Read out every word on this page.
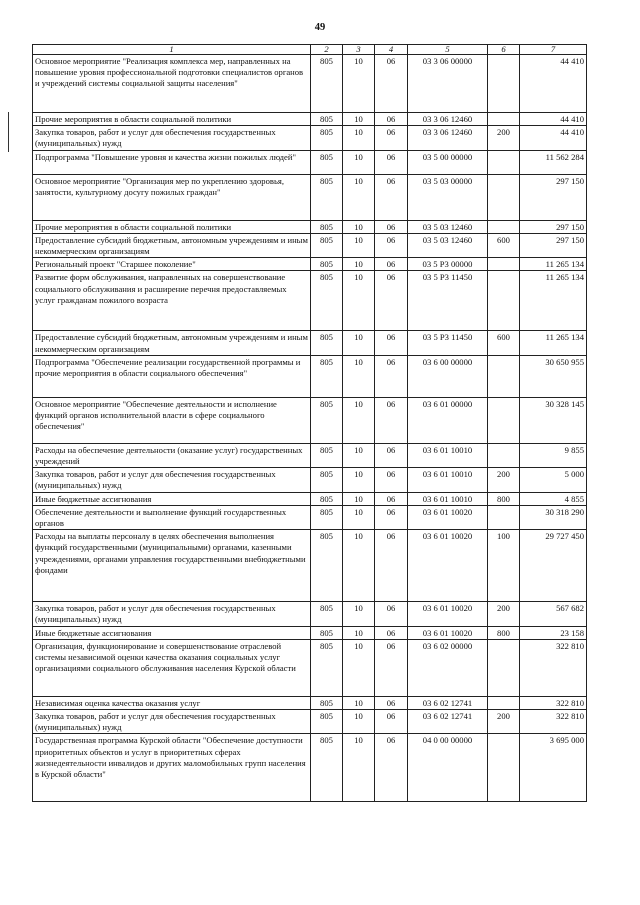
49
1	2	3	4	5	6	7
Основное мероприятие "Реализация комплекса мер, направленных на повышение уровня профессиональной подготовки специалистов органов и учреждений системы социальной защиты населения"	805	10	06	03 3 06 00000		44 410
Прочие мероприятия в области социальной политики	805	10	06	03 3 06 12460		44 410
Закупка товаров, работ и услуг для обеспечения государственных (муниципальных) нужд	805	10	06	03 3 06 12460	200	44 410
Подпрограмма "Повышение уровня и качества жизни пожилых людей"	805	10	06	03 5 00 00000		11 562 284
Основное мероприятие "Организация мер по укреплению здоровья, занятости, культурному досугу пожилых граждан"	805	10	06	03 5 03 00000		297 150
Прочие мероприятия в области социальной политики	805	10	06	03 5 03 12460		297 150
Предоставление субсидий бюджетным, автономным учреждениям и иным некоммерческим организациям	805	10	06	03 5 03 12460	600	297 150
Региональный проект "Старшее поколение"	805	10	06	03 5 P3 00000		11 265 134
Развитие форм обслуживания, направленных на совершенствование социального обслуживания и расширение перечня предоставляемых услуг гражданам пожилого возраста	805	10	06	03 5 P3 11450		11 265 134
Предоставление субсидий бюджетным, автономным учреждениям и иным некоммерческим организациям	805	10	06	03 5 P3 11450	600	11 265 134
Подпрограмма "Обеспечение реализации государственной программы и прочие мероприятия в области социального обеспечения"	805	10	06	03 6 00 00000		30 650 955
Основное мероприятие "Обеспечение деятельности и исполнение функций органов исполнительной власти в сфере социального обеспечения"	805	10	06	03 6 01 00000		30 328 145
Расходы на обеспечение деятельности (оказание услуг) государственных учреждений	805	10	06	03 6 01 10010		9 855
Закупка товаров, работ и услуг для обеспечения государственных (муниципальных) нужд	805	10	06	03 6 01 10010	200	5 000
Иные бюджетные ассигнования	805	10	06	03 6 01 10010	800	4 855
Обеспечение деятельности и выполнение функций государственных органов	805	10	06	03 6 01 10020		30 318 290
Расходы на выплаты персоналу в целях обеспечения выполнения функций государственными (муниципальными) органами, казенными учреждениями, органами управления государственными внебюджетными фондами	805	10	06	03 6 01 10020	100	29 727 450
Закупка товаров, работ и услуг для обеспечения государственных (муниципальных) нужд	805	10	06	03 6 01 10020	200	567 682
Иные бюджетные ассигнования	805	10	06	03 6 01 10020	800	23 158
Организация, функционирование и совершенствование отраслевой системы независимой оценки качества оказания социальных услуг организациями социального обслуживания населения Курской области	805	10	06	03 6 02 00000		322 810
Независимая оценка качества оказания услуг	805	10	06	03 6 02 12741		322 810
Закупка товаров, работ и услуг для обеспечения государственных (муниципальных) нужд	805	10	06	03 6 02 12741	200	322 810
Государственная программа Курской области "Обеспечение доступности приоритетных объектов и услуг в приоритетных сферах жизнедеятельности инвалидов и других маломобильных групп населения в Курской области"	805	10	06	04 0 00 00000		3 695 000
